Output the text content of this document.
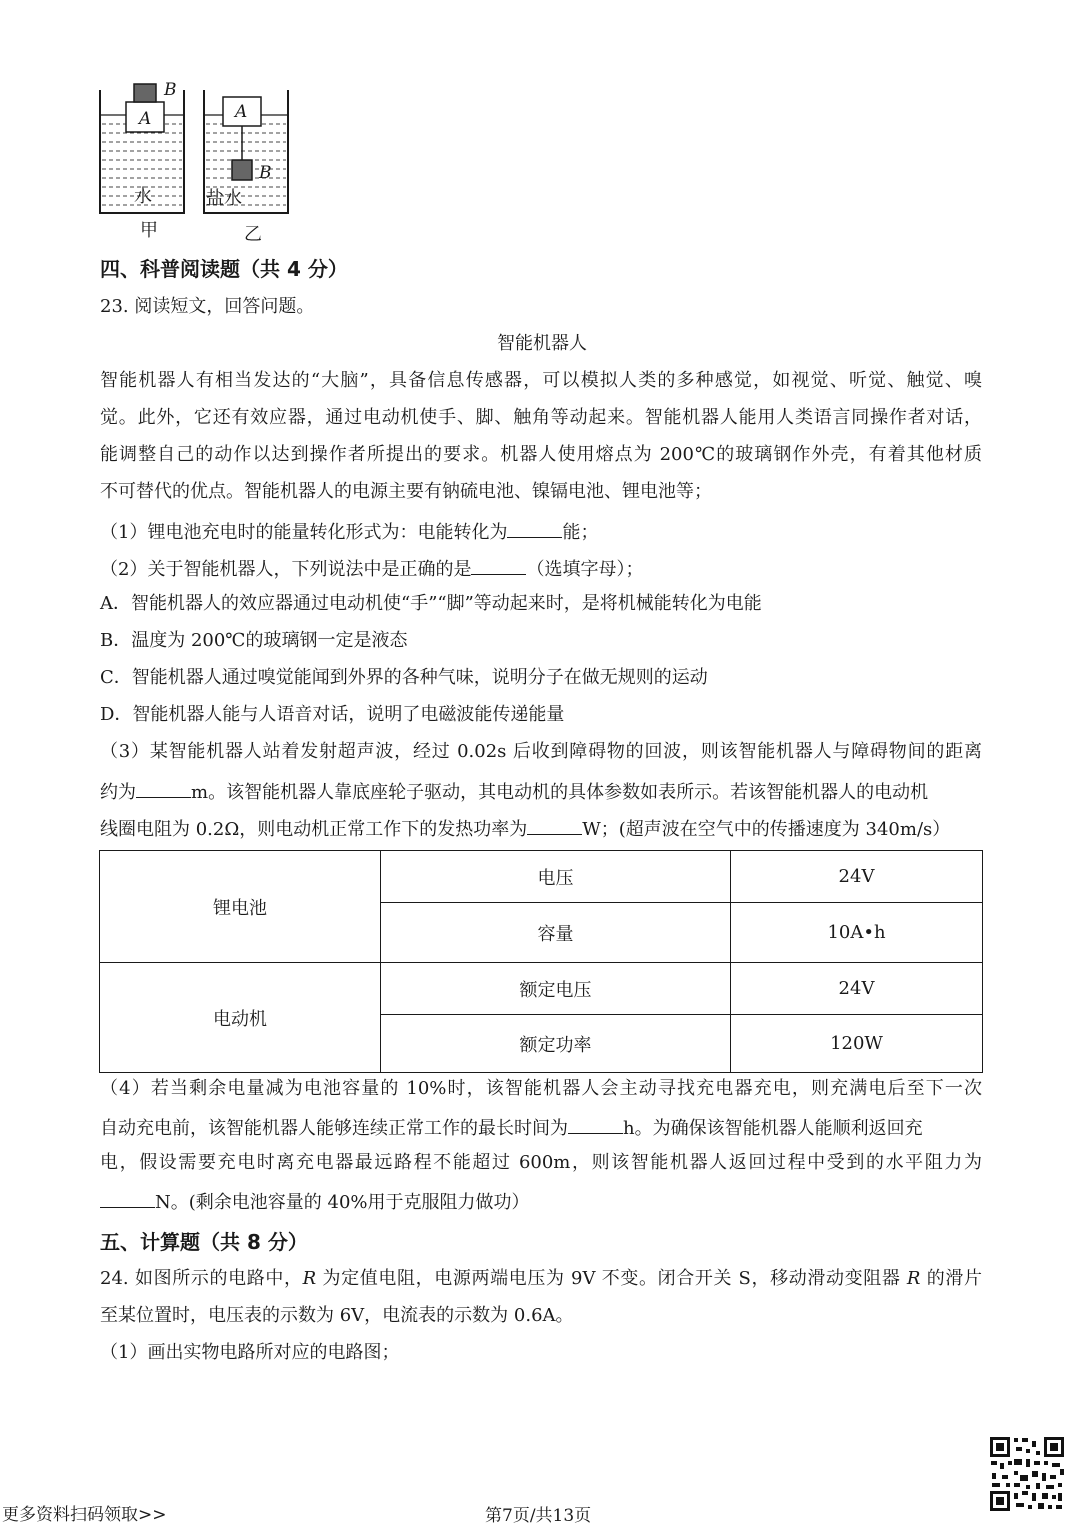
B
A	A
B
水	盐水
甲	乙
四、科普阅读题（共 4 分）
23. 阅读短文，回答问题。
智能机器人
智能机器人有相当发达的“大脑”，具备信息传感器，可以模拟人类的多种感觉，如视觉、听觉、触觉、嗅
觉。此外，它还有效应器，通过电动机使手、脚、触角等动起来。智能机器人能用人类语言同操作者对话，
能调整自己的动作以达到操作者所提出的要求。机器人使用熔点为 200℃的玻璃钢作外壳，有着其他材质
不可替代的优点。智能机器人的电源主要有钠硫电池、镍镉电池、锂电池等；
（1）锂电池充电时的能量转化形式为：电能转化为	能；
（2）关于智能机器人，下列说法中是正确的是	（选填字母）；
A．智能机器人的效应器通过电动机使“手”“脚”等动起来时，是将机械能转化为电能
B．温度为 200℃的玻璃钢一定是液态
C．智能机器人通过嗅觉能闻到外界的各种气味，说明分子在做无规则的运动
D．智能机器人能与人语音对话，说明了电磁波能传递能量
（3）某智能机器人站着发射超声波，经过 0.02s 后收到障碍物的回波，则该智能机器人与障碍物间的距离
约为	m。该智能机器人靠底座轮子驱动，其电动机的具体参数如表所示。若该智能机器人的电动机
线圈电阻为 0.2Ω，则电动机正常工作下的发热功率为	W；(超声波在空气中的传播速度为 340m/s）
锂电池	电压	24V
	容量	10A•h
电动机	额定电压	24V
	额定功率	120W
（4）若当剩余电量减为电池容量的 10%时，该智能机器人会主动寻找充电器充电，则充满电后至下一次
自动充电前，该智能机器人能够连续正常工作的最长时间为	h。为确保该智能机器人能顺利返回充
电，假设需要充电时离充电器最远路程不能超过 600m，则该智能机器人返回过程中受到的水平阻力为
N。(剩余电池容量的 40%用于克服阻力做功）
五、计算题（共 8 分）
24. 如图所示的电路中，R 为定值电阻，电源两端电压为 9V 不变。闭合开关 S，移动滑动变阻器 R 的滑片
至某位置时，电压表的示数为 6V，电流表的示数为 0.6A。
（1）画出实物电路所对应的电路图；
更多资料扫码领取>>	第7页/共13页
